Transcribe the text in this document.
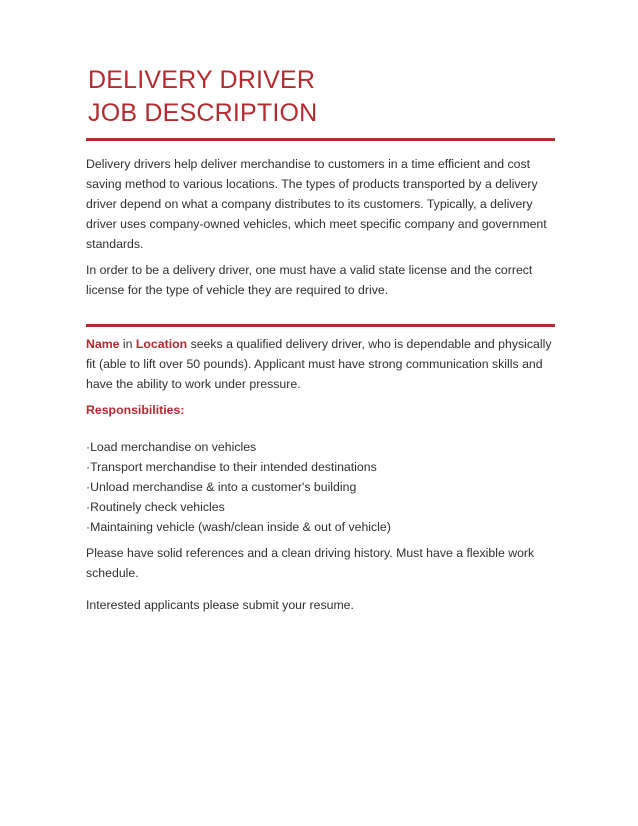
DELIVERY DRIVER
JOB DESCRIPTION
Delivery drivers help deliver merchandise to customers in a time efficient and cost saving method to various locations. The types of products transported by a delivery driver depend on what a company distributes to its customers. Typically, a delivery driver uses company-owned vehicles, which meet specific company and government standards.
In order to be a delivery driver, one must have a valid state license and the correct license for the type of vehicle they are required to drive.
Name in Location seeks a qualified delivery driver, who is dependable and physically fit (able to lift over 50 pounds). Applicant must have strong communication skills and have the ability to work under pressure.
Responsibilities:
·Load merchandise on vehicles
·Transport merchandise to their intended destinations
·Unload merchandise & into a customer's building
·Routinely check vehicles
·Maintaining vehicle (wash/clean inside & out of vehicle)
Please have solid references and a clean driving history. Must have a flexible work schedule.
Interested applicants please submit your resume.
